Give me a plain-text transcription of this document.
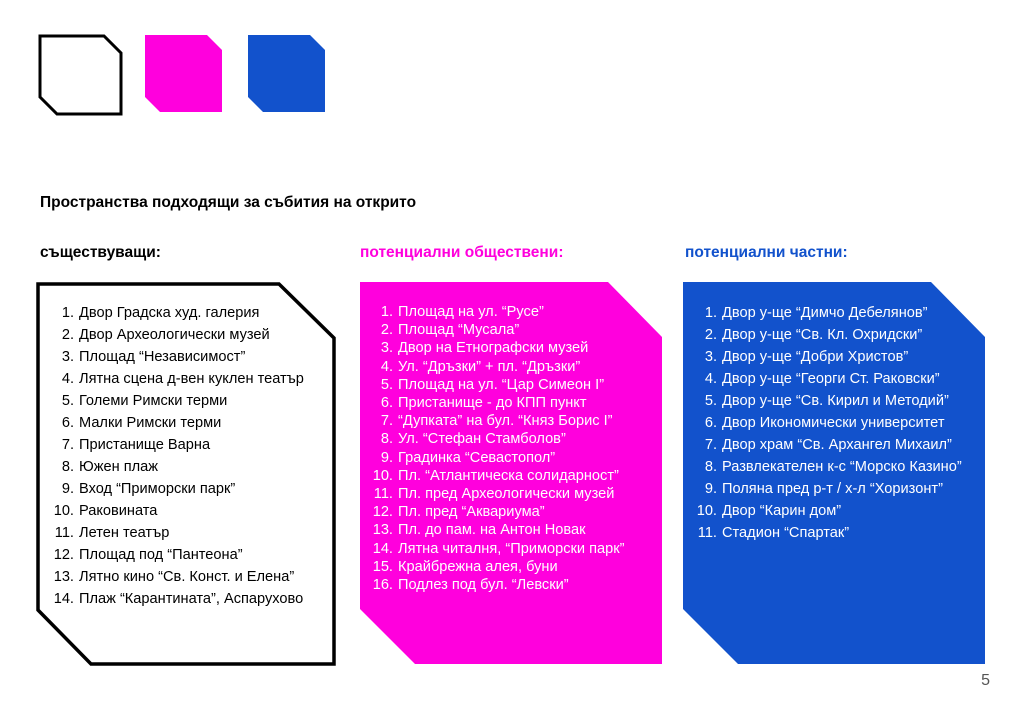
Пространства подходящи за събития на открито
съществуващи:	потенциални обществени:	потенциални частни:
1. Двор Градска худ. галерия
2. Двор Археологически музей
3. Площад “Независимост”
4. Лятна сцена д-вен куклен театър
5. Големи Римски терми
6. Малки Римски терми
7. Пристанище Варна
8. Южен плаж
9. Вход “Приморски парк”
10. Раковината
11. Летен театър
12. Площад под “Пантеона”
13. Лятно кино “Св. Конст. и Елена”
14. Плаж “Карантината”, Аспарухово
1. Площад на ул. “Русе”
2. Площад “Мусала”
3. Двор на Етнографски музей
4. Ул. “Дръзки” + пл. “Дръзки”
5. Площад на ул. “Цар Симеон I”
6. Пристанище - до КПП пункт
7. “Дупката” на бул. “Княз Борис I”
8. Ул. “Стефан Стамболов”
9. Градинка “Севастопол”
10. Пл. “Атлантическа солидарност”
11. Пл. пред Археологически музей
12. Пл. пред “Аквариума”
13. Пл. до пам. на Антон Новак
14. Лятна читалня, “Приморски парк”
15. Крайбрежна алея, буни
16. Подлез под бул. “Левски”
1. Двор у-ще “Димчо Дебелянов”
2. Двор у-ще “Св. Кл. Охридски”
3. Двор у-ще “Добри Христов”
4. Двор у-ще “Георги Ст. Раковски”
5. Двор у-ще “Св. Кирил и Методий”
6. Двор Икономически университет
7. Двор храм “Св. Архангел Михаил”
8. Развлекателен к-с “Морско Казино”
9. Поляна пред р-т / х-л “Хоризонт”
10. Двор “Карин дом”
11. Стадион “Спартак”
5
